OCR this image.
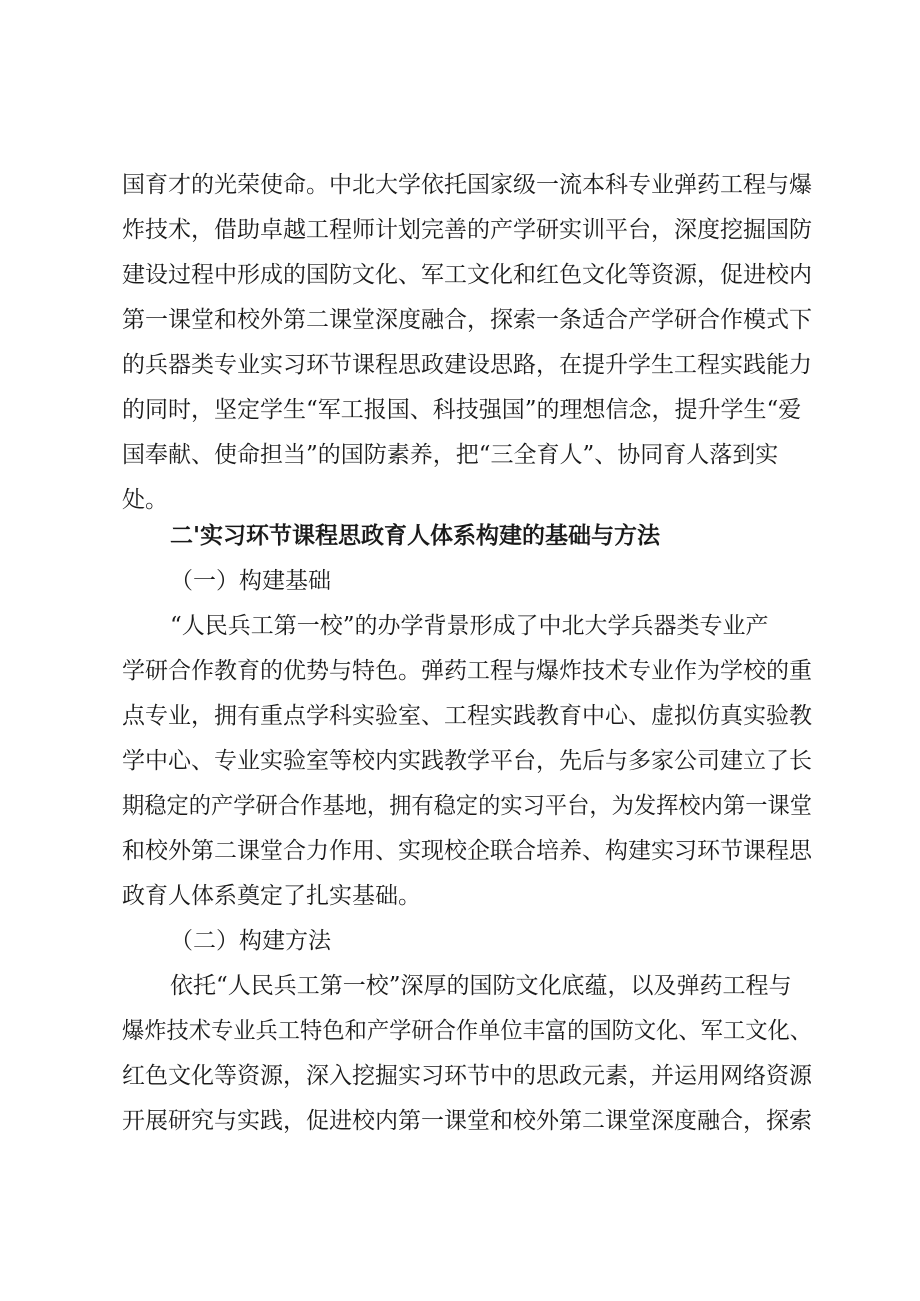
国育才的光荣使命。中北大学依托国家级一流本科专业弹药工程与爆
炸技术，借助卓越工程师计划完善的产学研实训平台，深度挖掘国防
建设过程中形成的国防文化、军工文化和红色文化等资源，促进校内
第一课堂和校外第二课堂深度融合，探索一条适合产学研合作模式下
的兵器类专业实习环节课程思政建设思路，在提升学生工程实践能力
的同时，坚定学生“军工报国、科技强国”的理想信念，提升学生“爱
国奉献、使命担当”的国防素养，把“三全育人”、协同育人落到实
处。
二'实习环节课程思政育人体系构建的基础与方法
（一）构建基础
“人民兵工第一校”的办学背景形成了中北大学兵器类专业产
学研合作教育的优势与特色。弹药工程与爆炸技术专业作为学校的重
点专业，拥有重点学科实验室、工程实践教育中心、虚拟仿真实验教
学中心、专业实验室等校内实践教学平台，先后与多家公司建立了长
期稳定的产学研合作基地，拥有稳定的实习平台，为发挥校内第一课堂
和校外第二课堂合力作用、实现校企联合培养、构建实习环节课程思
政育人体系奠定了扎实基础。
（二）构建方法
依托“人民兵工第一校”深厚的国防文化底蕴，以及弹药工程与
爆炸技术专业兵工特色和产学研合作单位丰富的国防文化、军工文化、
红色文化等资源，深入挖掘实习环节中的思政元素，并运用网络资源
开展研究与实践，促进校内第一课堂和校外第二课堂深度融合，探索
